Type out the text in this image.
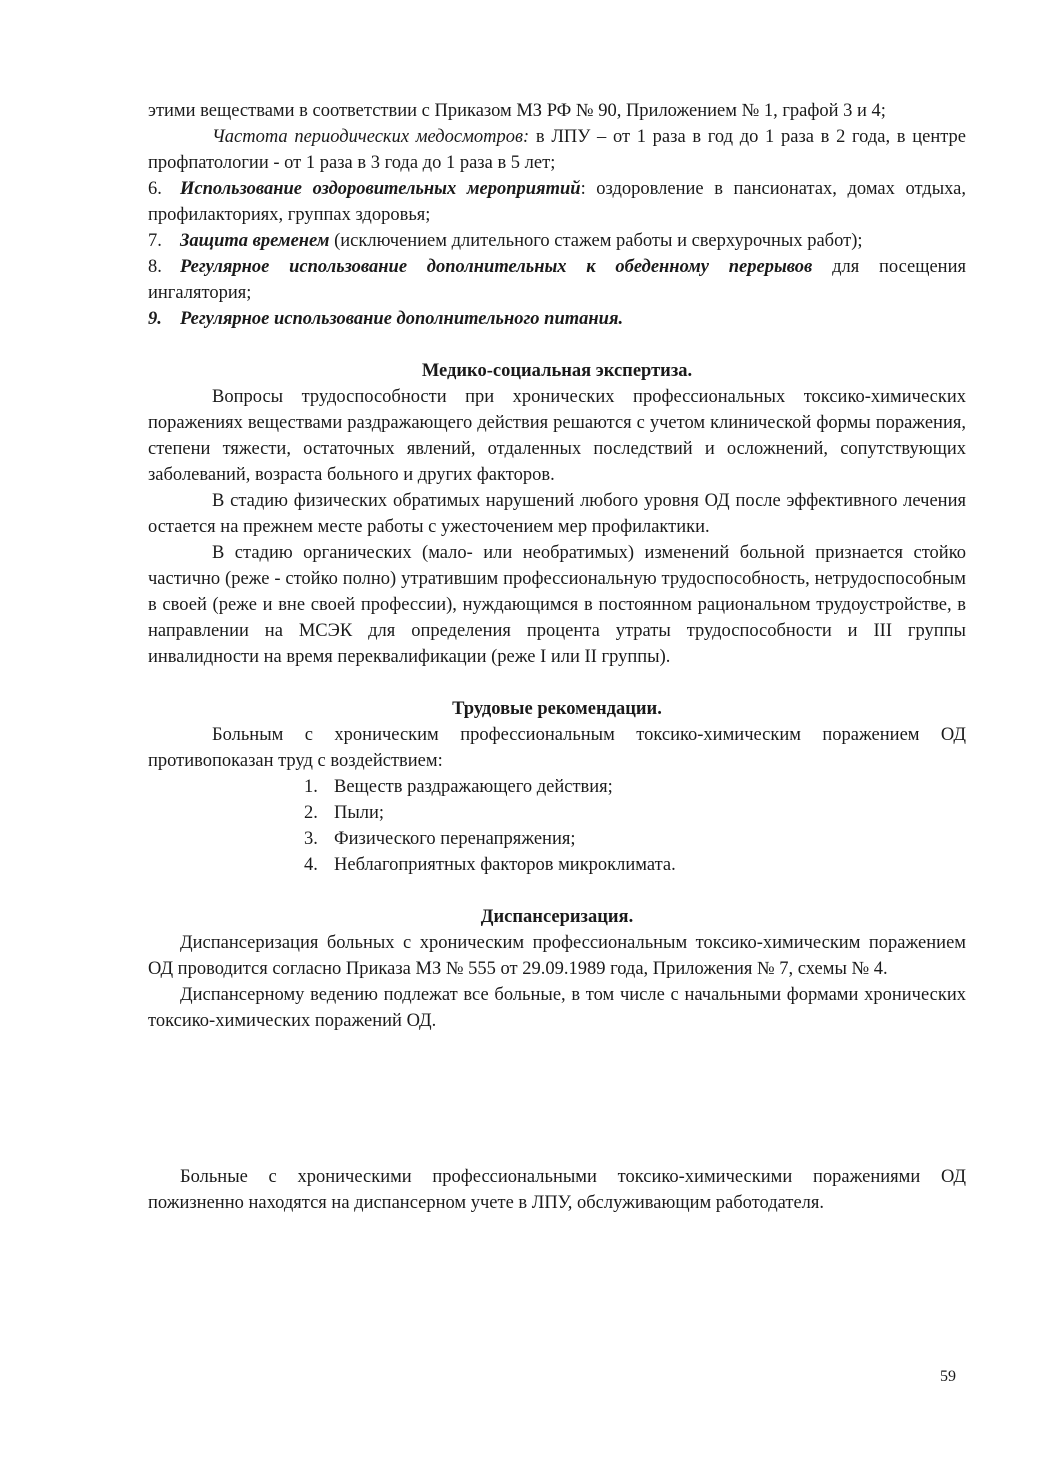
этими веществами в соответствии с Приказом МЗ РФ № 90, Приложением № 1, графой 3 и 4;

Частота периодических медосмотров: в ЛПУ – от 1 раза в год до 1 раза в 2 года, в центре профпатологии - от 1 раза в 3 года до 1 раза в 5 лет;

6. Использование оздоровительных мероприятий: оздоровление в пансионатах, домах отдыха, профилакториях, группах здоровья;

7. Защита временем (исключением длительного стажем работы и сверхурочных работ);

8. Регулярное использование дополнительных к обеденному перерывов для посещения ингалятория;

9. Регулярное использование дополнительного питания.

Медико-социальная экспертиза.

Вопросы трудоспособности при хронических профессиональных токсико-химических поражениях веществами раздражающего действия решаются с учетом клинической формы поражения, степени тяжести, остаточных явлений, отдаленных последствий и осложнений, сопутствующих заболеваний, возраста больного и других факторов.

В стадию физических обратимых нарушений любого уровня ОД после эффективного лечения остается на прежнем месте работы с ужесточением мер профилактики.

В стадию органических (мало- или необратимых) изменений больной признается стойко частично (реже - стойко полно) утратившим профессиональную трудоспособность, нетрудоспособным в своей (реже и вне своей профессии), нуждающимся в постоянном рациональном трудоустройстве, в направлении на МСЭК для определения процента утраты трудоспособности и III группы инвалидности на время переквалификации (реже I или II группы).

Трудовые рекомендации.

Больным с хроническим профессиональным токсико-химическим поражением ОД противопоказан труд с воздействием:

1. Веществ раздражающего действия;
2. Пыли;
3. Физического перенапряжения;
4. Неблагоприятных факторов микроклимата.

Диспансеризация.

Диспансеризация больных с хроническим профессиональным токсико-химическим поражением ОД проводится согласно Приказа МЗ № 555 от 29.09.1989 года, Приложения № 7, схемы № 4.

Диспансерному ведению подлежат все больные, в том числе с начальными формами хронических токсико-химических поражений ОД.

Больные с хроническими профессиональными токсико-химическими поражениями ОД пожизненно находятся на диспансерном учете в ЛПУ, обслуживающим работодателя.

59
